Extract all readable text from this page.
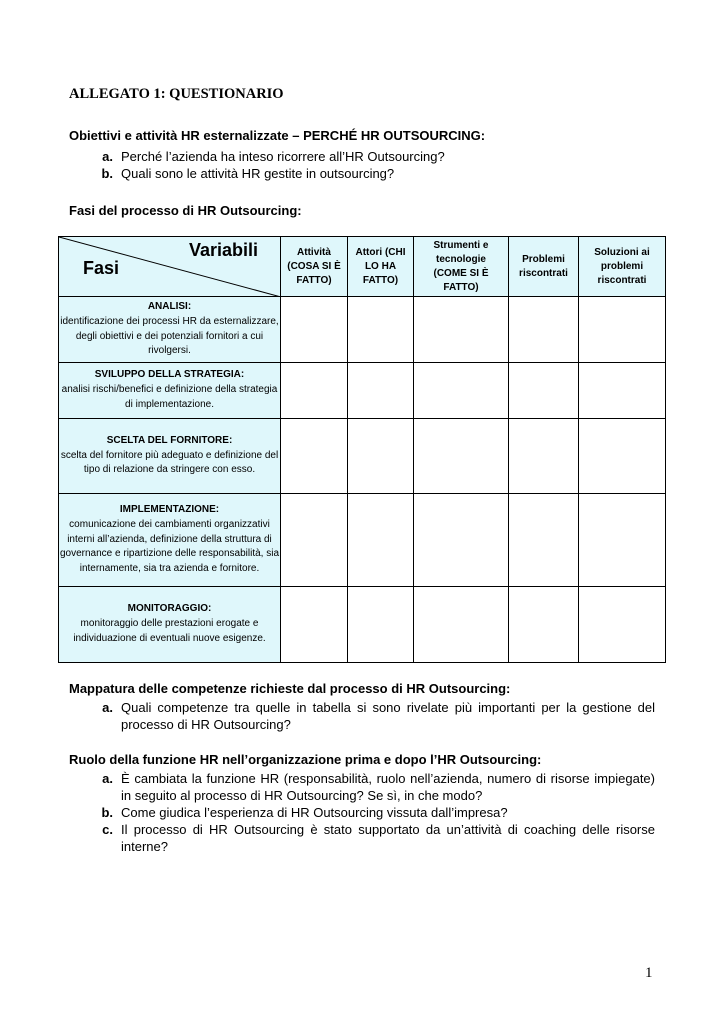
ALLEGATO 1: QUESTIONARIO
Obiettivi e attività HR esternalizzate – PERCHÉ HR OUTSOURCING:
a. Perché l’azienda ha inteso ricorrere all’HR Outsourcing?
b. Quali sono le attività HR gestite in outsourcing?
Fasi del processo di HR Outsourcing:
Variabili
Fasi	Attività (COSA SI È FATTO)	Attori (CHI LO HA FATTO)	Strumenti e tecnologie (COME SI È FATTO)	Problemi riscontrati	Soluzioni ai problemi riscontrati

ANALISI:
identificazione dei processi HR da esternalizzare, degli obiettivi e dei potenziali fornitori a cui rivolgersi.					

SVILUPPO DELLA STRATEGIA:
analisi rischi/benefici e definizione della strategia di implementazione.					

SCELTA DEL FORNITORE:
scelta del fornitore più adeguato e definizione del tipo di relazione da stringere con esso.					

IMPLEMENTAZIONE:
comunicazione dei cambiamenti organizzativi interni all’azienda, definizione della struttura di governance e ripartizione delle responsabilità, sia internamente, sia tra azienda e fornitore.					

MONITORAGGIO:
monitoraggio delle prestazioni erogate e individuazione di eventuali nuove esigenze.					
Mappatura delle competenze richieste dal processo di HR Outsourcing:
a. Quali competenze tra quelle in tabella si sono rivelate più importanti per la gestione del processo di HR Outsourcing?
Ruolo della funzione HR nell’organizzazione prima e dopo l’HR Outsourcing:
a. È cambiata la funzione HR (responsabilità, ruolo nell’azienda, numero di risorse impiegate) in seguito al processo di HR Outsourcing? Se sì, in che modo?
b. Come giudica l’esperienza di HR Outsourcing vissuta dall’impresa?
c. Il processo di HR Outsourcing è stato supportato da un’attività di coaching delle risorse interne?
1
